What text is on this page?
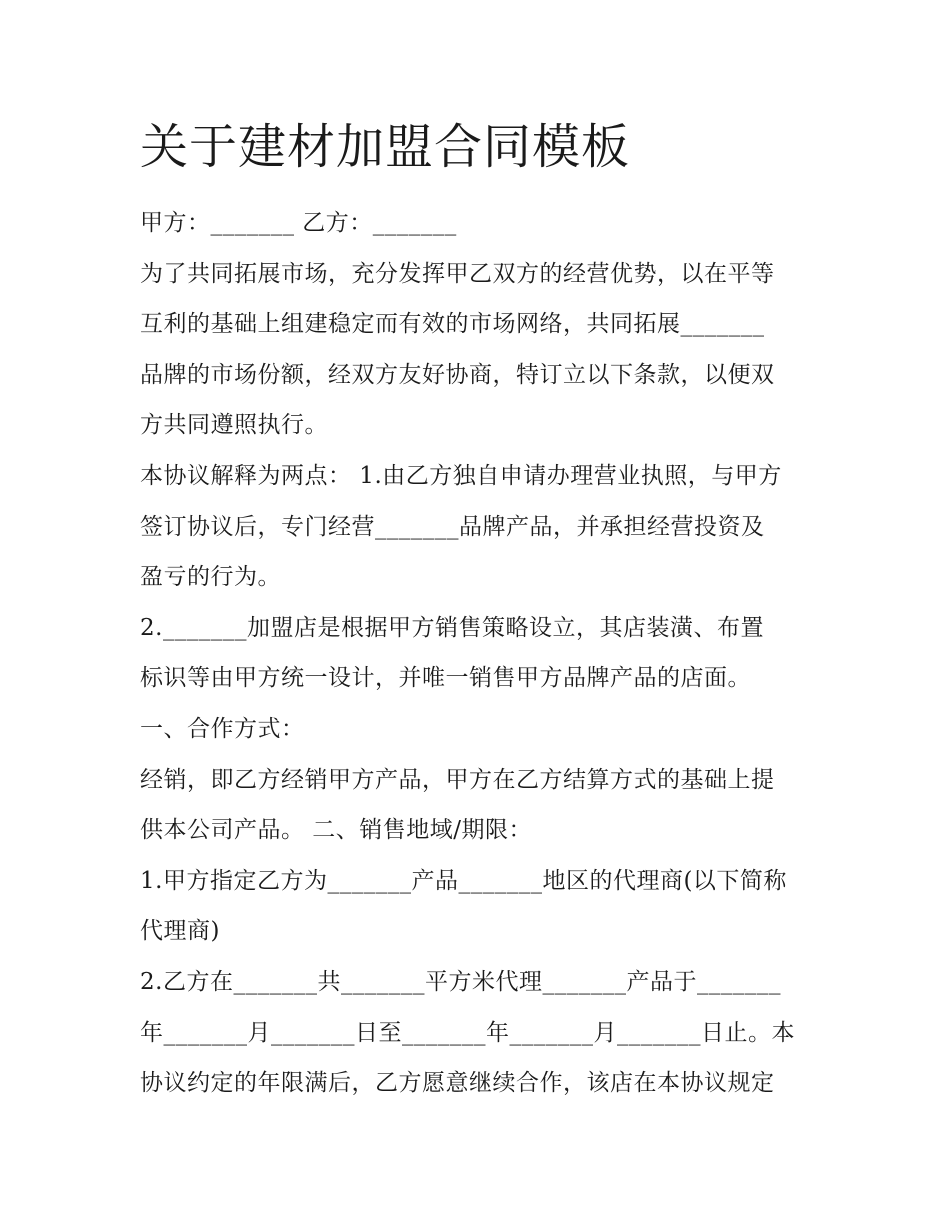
关于建材加盟合同模板
甲方：_______ 乙方：_______
为了共同拓展市场，充分发挥甲乙双方的经营优势，以在平等
互利的基础上组建稳定而有效的市场网络，共同拓展_______
品牌的市场份额，经双方友好协商，特订立以下条款，以便双
方共同遵照执行。
本协议解释为两点： 1.由乙方独自申请办理营业执照，与甲方
签订协议后，专门经营_______品牌产品，并承担经营投资及
盈亏的行为。
2._______加盟店是根据甲方销售策略设立，其店装潢、布置
标识等由甲方统一设计，并唯一销售甲方品牌产品的店面。
一、合作方式：
经销，即乙方经销甲方产品，甲方在乙方结算方式的基础上提
供本公司产品。 二、销售地域/期限：
1.甲方指定乙方为_______产品_______地区的代理商(以下简称
代理商)
2.乙方在_______共_______平方米代理_______产品于_______
年_______月_______日至_______年_______月_______日止。本
协议约定的年限满后，乙方愿意继续合作，该店在本协议规定
